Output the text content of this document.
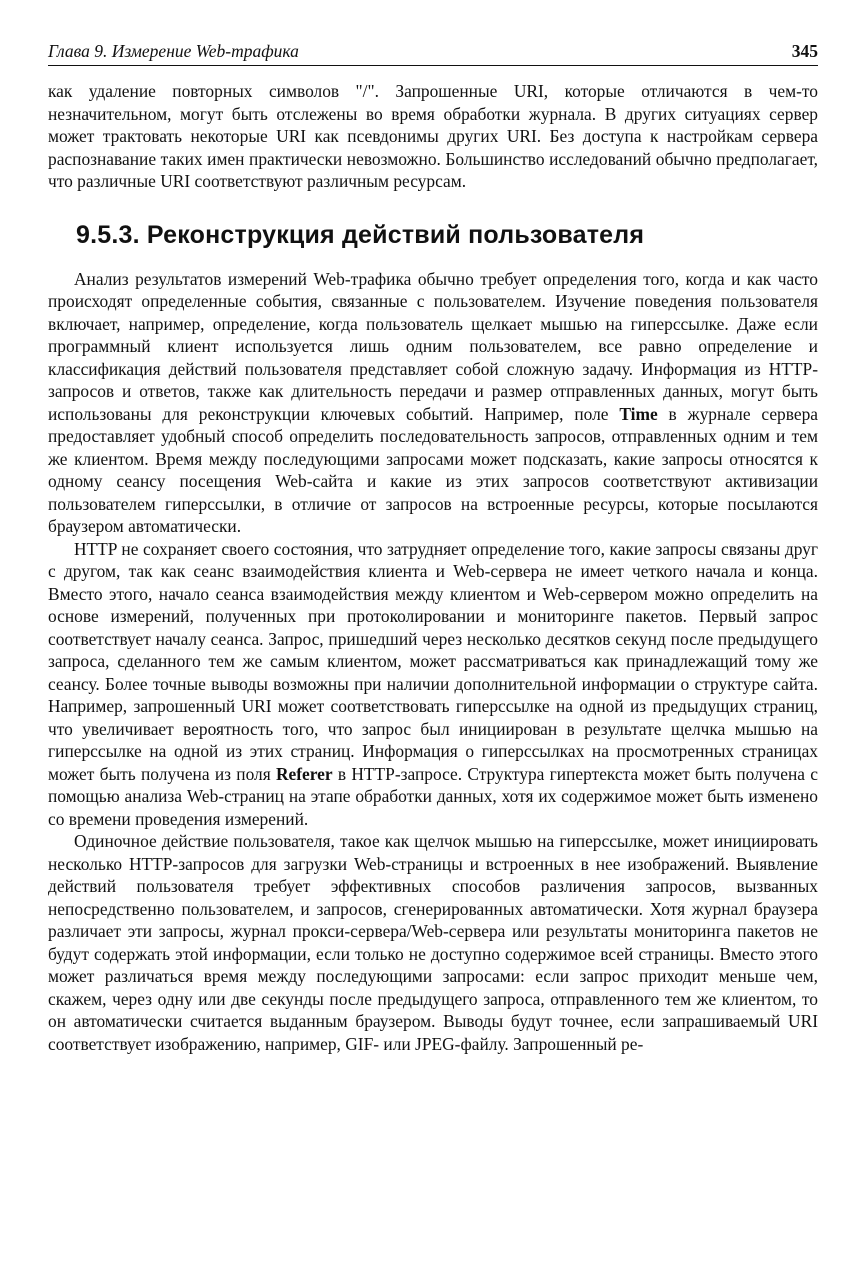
Глава 9. Измерение Web-трафика	345

как удаление повторных символов "/". Запрошенные URI, которые отличаются в чем-то незначительном, могут быть отслежены во время обработки журнала. В других ситуациях сервер может трактовать некоторые URI как псевдонимы других URI. Без доступа к настройкам сервера распознавание таких имен практически невозможно. Большинство исследований обычно предполагает, что различные URI соответствуют различным ресурсам.

9.5.3. Реконструкция действий пользователя

Анализ результатов измерений Web-трафика обычно требует определения того, когда и как часто происходят определенные события, связанные с пользователем. Изучение поведения пользователя включает, например, определение, когда пользователь щелкает мышью на гиперссылке. Даже если программный клиент используется лишь одним пользователем, все равно определение и классификация действий пользователя представляет собой сложную задачу. Информация из HTTP-запросов и ответов, также как длительность передачи и размер отправленных данных, могут быть использованы для реконструкции ключевых событий. Например, поле Time в журнале сервера предоставляет удобный способ определить последовательность запросов, отправленных одним и тем же клиентом. Время между последующими запросами может подсказать, какие запросы относятся к одному сеансу посещения Web-сайта и какие из этих запросов соответствуют активизации пользователем гиперссылки, в отличие от запросов на встроенные ресурсы, которые посылаются браузером автоматически.

HTTP не сохраняет своего состояния, что затрудняет определение того, какие запросы связаны друг с другом, так как сеанс взаимодействия клиента и Web-сервера не имеет четкого начала и конца. Вместо этого, начало сеанса взаимодействия между клиентом и Web-сервером можно определить на основе измерений, полученных при протоколировании и мониторинге пакетов. Первый запрос соответствует началу сеанса. Запрос, пришедший через несколько десятков секунд после предыдущего запроса, сделанного тем же самым клиентом, может рассматриваться как принадлежащий тому же сеансу. Более точные выводы возможны при наличии дополнительной информации о структуре сайта. Например, запрошенный URI может соответствовать гиперссылке на одной из предыдущих страниц, что увеличивает вероятность того, что запрос был инициирован в результате щелчка мышью на гиперссылке на одной из этих страниц. Информация о гиперссылках на просмотренных страницах может быть получена из поля Referer в HTTP-запросе. Структура гипертекста может быть получена с помощью анализа Web-страниц на этапе обработки данных, хотя их содержимое может быть изменено со времени проведения измерений.

Одиночное действие пользователя, такое как щелчок мышью на гиперссылке, может инициировать несколько HTTP-запросов для загрузки Web-страницы и встроенных в нее изображений. Выявление действий пользователя требует эффективных способов различения запросов, вызванных непосредственно пользователем, и запросов, сгенерированных автоматически. Хотя журнал браузера различает эти запросы, журнал прокси-сервера/Web-сервера или результаты мониторинга пакетов не будут содержать этой информации, если только не доступно содержимое всей страницы. Вместо этого может различаться время между последующими запросами: если запрос приходит меньше чем, скажем, через одну или две секунды после предыдущего запроса, отправленного тем же клиентом, то он автоматически считается выданным браузером. Выводы будут точнее, если запрашиваемый URI соответствует изображению, например, GIF- или JPEG-файлу. Запрошенный ре-
